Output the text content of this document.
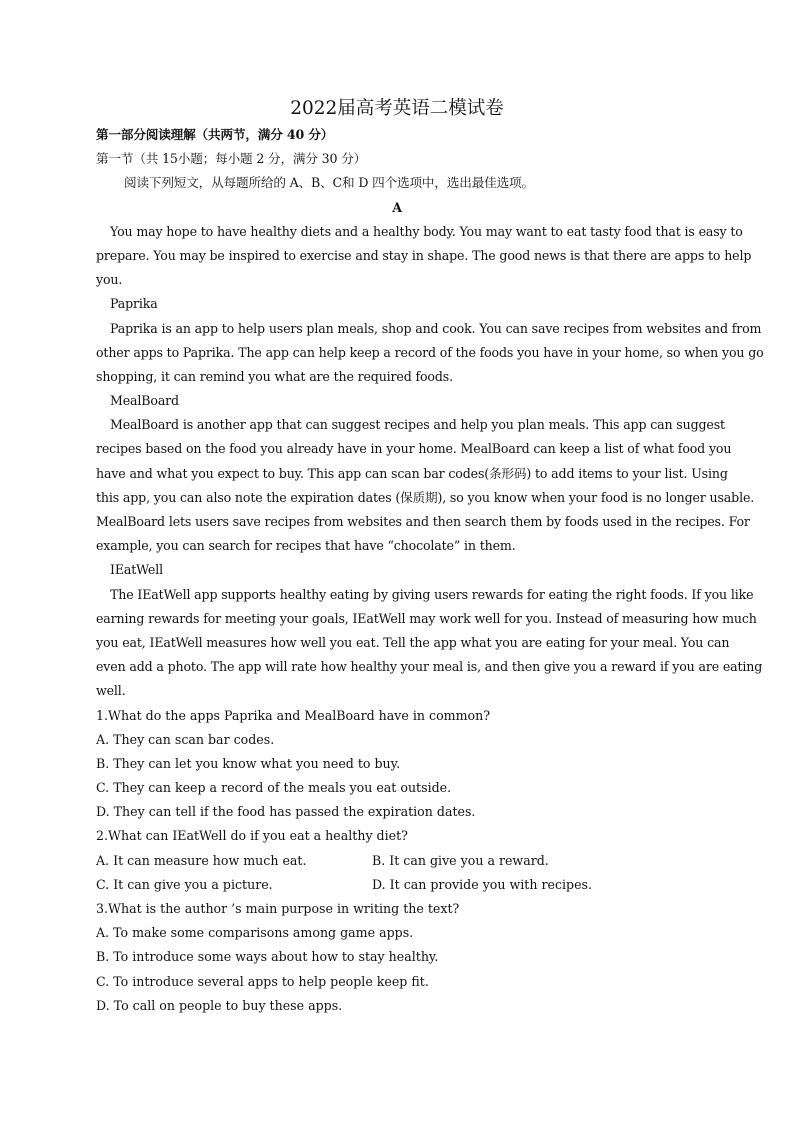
2022届高考英语二模试卷
第一部分阅读理解（共两节，满分 40 分）
第一节（共 15小题；每小题 2 分，满分 30 分）
阅读下列短文，从每题所给的 A、B、C和 D 四个选项中，选出最佳选项。
A
You may hope to have healthy diets and a healthy body. You may want to eat tasty food that is easy to
prepare. You may be inspired to exercise and stay in shape. The good news is that there are apps to help
you.
Paprika
Paprika is an app to help users plan meals, shop and cook. You can save recipes from websites and from
other apps to Paprika. The app can help keep a record of the foods you have in your home, so when you go
shopping, it can remind you what are the required foods.
MealBoard
MealBoard is another app that can suggest recipes and help you plan meals. This app can suggest
recipes based on the food you already have in your home. MealBoard can keep a list of what food you
have and what you expect to buy. This app can scan bar codes(条形码) to add items to your list. Using
this app, you can also note the expiration dates (保质期), so you know when your food is no longer usable.
MealBoard lets users save recipes from websites and then search them by foods used in the recipes. For
example, you can search for recipes that have “chocolate” in them.
IEatWell
The IEatWell app supports healthy eating by giving users rewards for eating the right foods. If you like
earning rewards for meeting your goals, IEatWell may work well for you. Instead of measuring how much
you eat, IEatWell measures how well you eat. Tell the app what you are eating for your meal. You can
even add a photo. The app will rate how healthy your meal is, and then give you a reward if you are eating
well.
1.What do the apps Paprika and MealBoard have in common?
A. They can scan bar codes.
B. They can let you know what you need to buy.
C. They can keep a record of the meals you eat outside.
D. They can tell if the food has passed the expiration dates.
2.What can IEatWell do if you eat a healthy diet?
A. It can measure how much eat.	B. It can give you a reward.
C. It can give you a picture.	D. It can provide you with recipes.
3.What is the author ’s main purpose in writing the text?
A. To make some comparisons among game apps.
B. To introduce some ways about how to stay healthy.
C. To introduce several apps to help people keep fit.
D. To call on people to buy these apps.
